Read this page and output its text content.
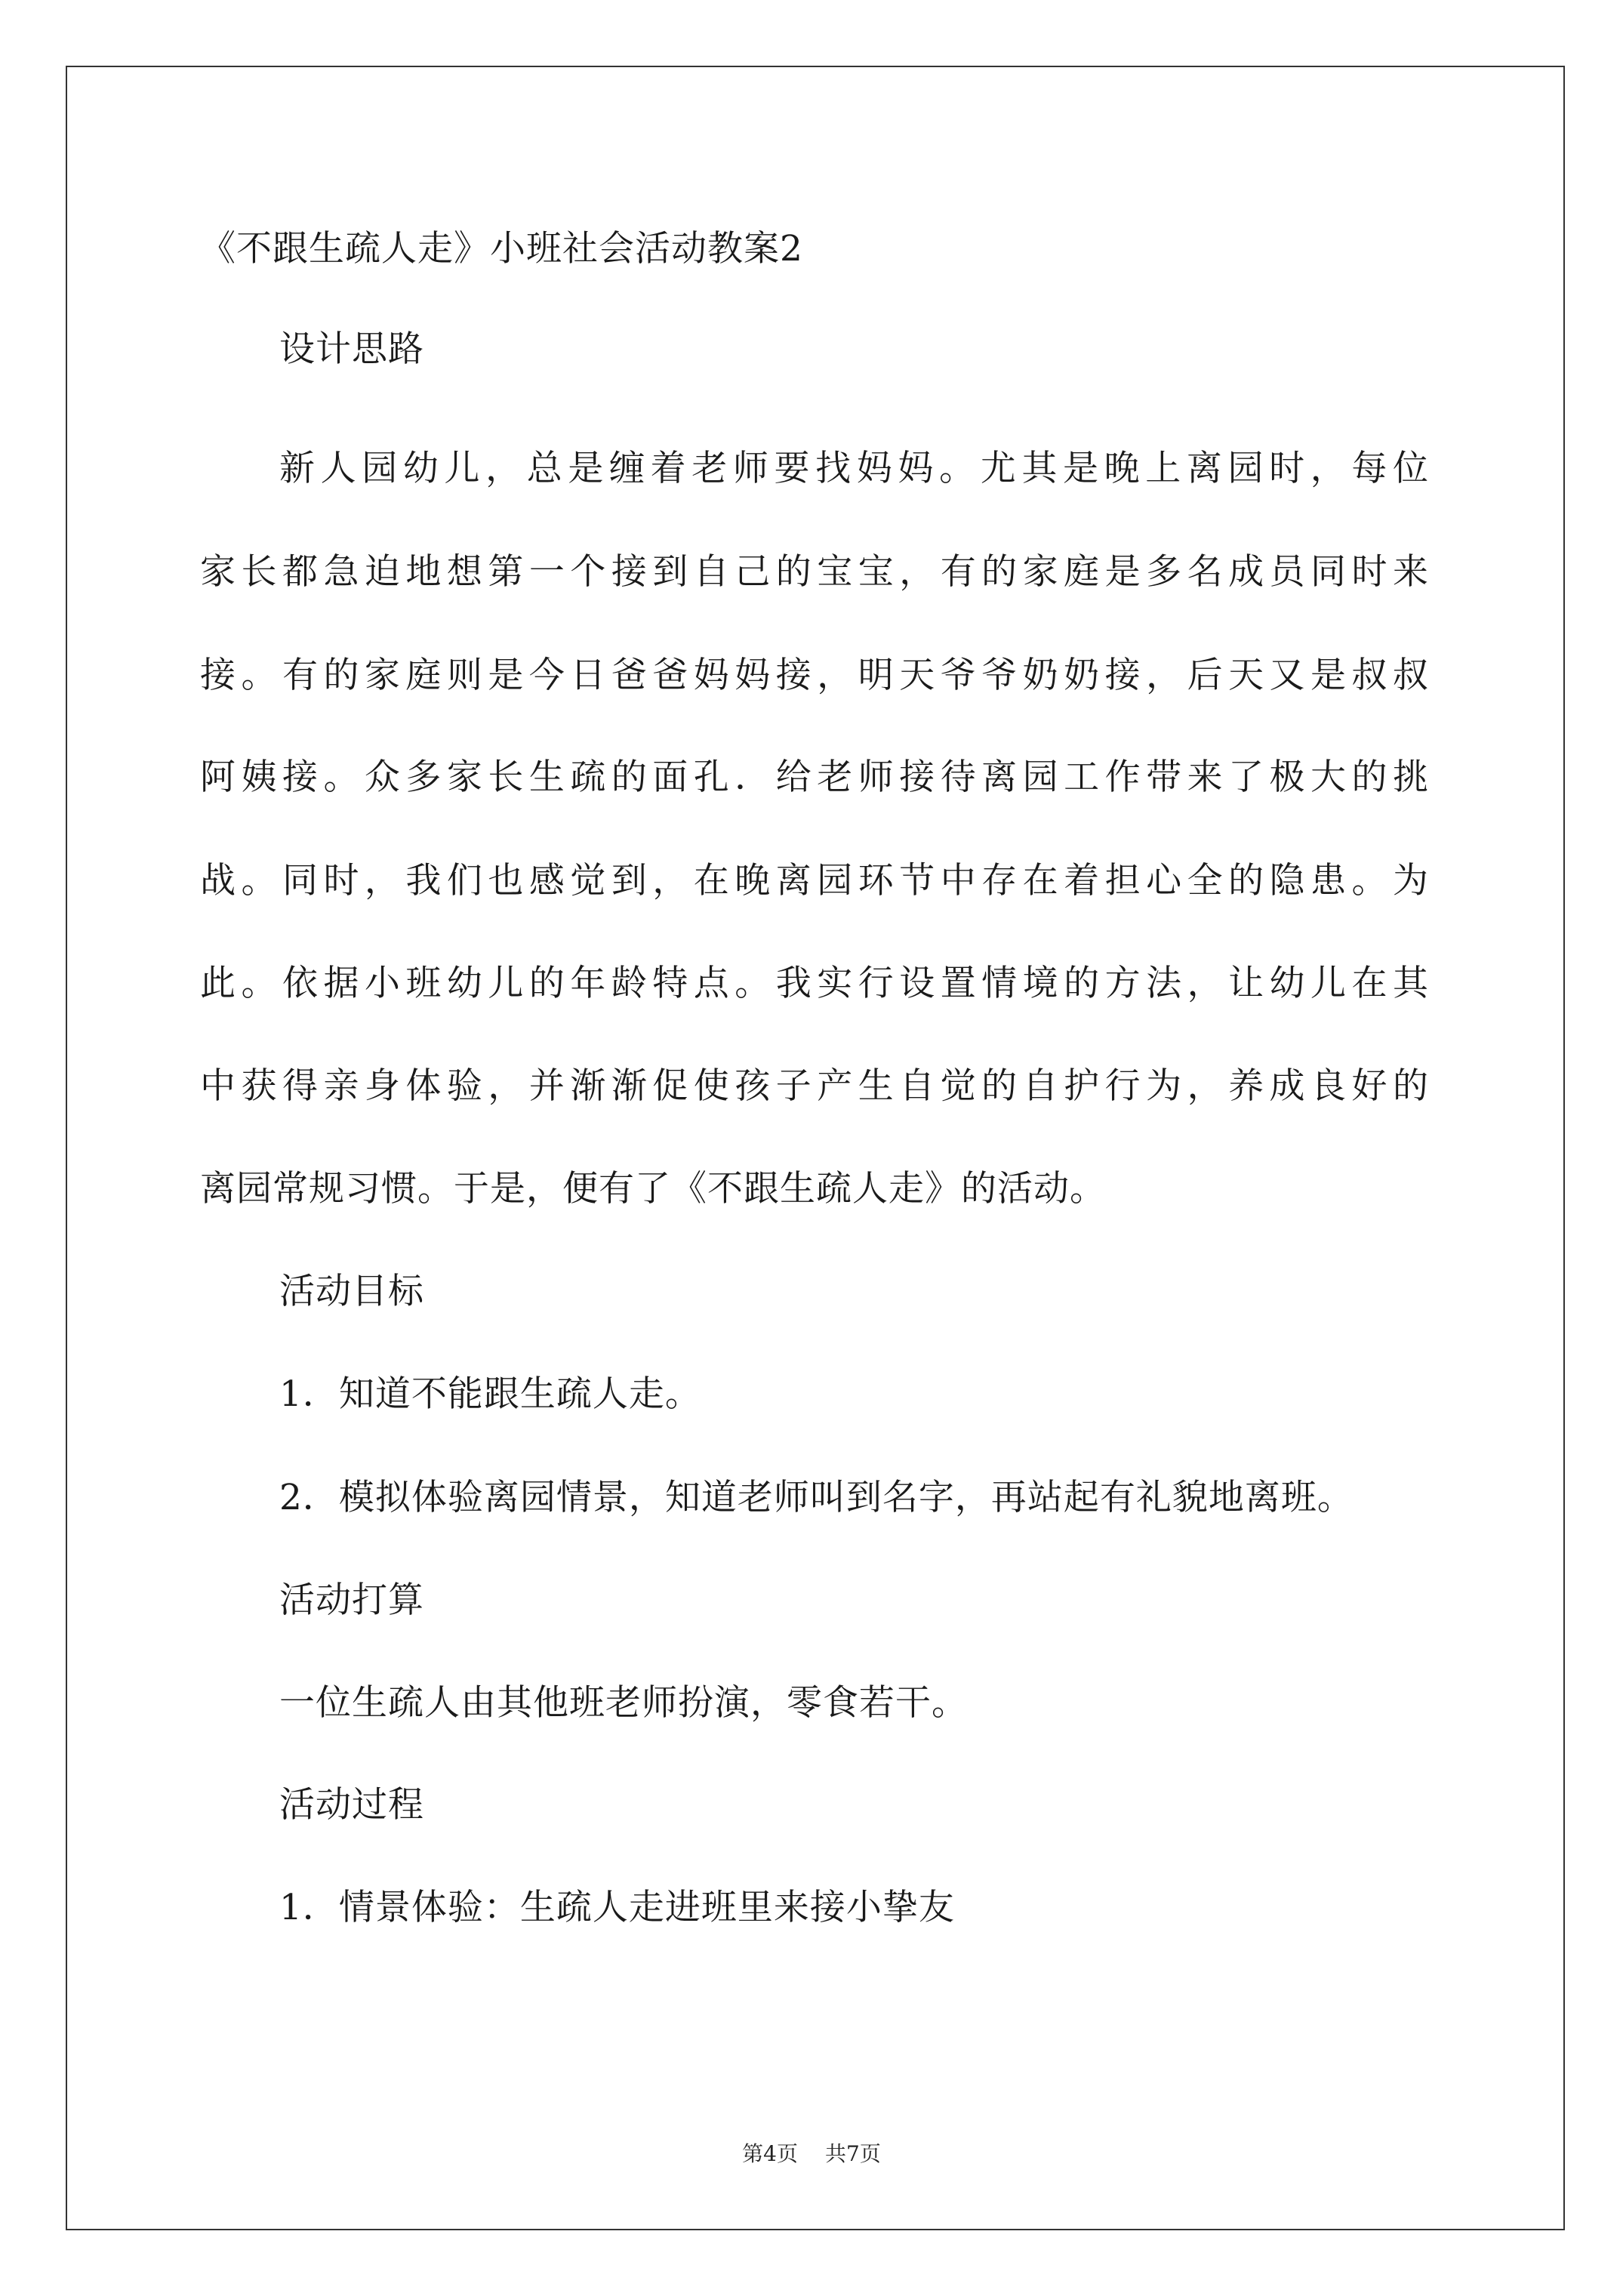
《不跟生疏人走》小班社会活动教案2
设计思路
新人园幼儿，总是缠着老师要找妈妈。尤其是晚上离园时，每位
家长都急迫地想第一个接到自己的宝宝，有的家庭是多名成员同时来
接。有的家庭则是今日爸爸妈妈接，明天爷爷奶奶接，后天又是叔叔
阿姨接。众多家长生疏的面孔．给老师接待离园工作带来了极大的挑
战。同时，我们也感觉到，在晚离园环节中存在着担心全的隐患。为
此。依据小班幼儿的年龄特点。我实行设置情境的方法，让幼儿在其
中获得亲身体验，并渐渐促使孩子产生自觉的自护行为，养成良好的
离园常规习惯。于是，便有了《不跟生疏人走》的活动。
活动目标
1．知道不能跟生疏人走。
2．模拟体验离园情景，知道老师叫到名字，再站起有礼貌地离班。
活动打算
一位生疏人由其他班老师扮演，零食若干。
活动过程
1．情景体验：生疏人走进班里来接小挚友
第4页 共7页
